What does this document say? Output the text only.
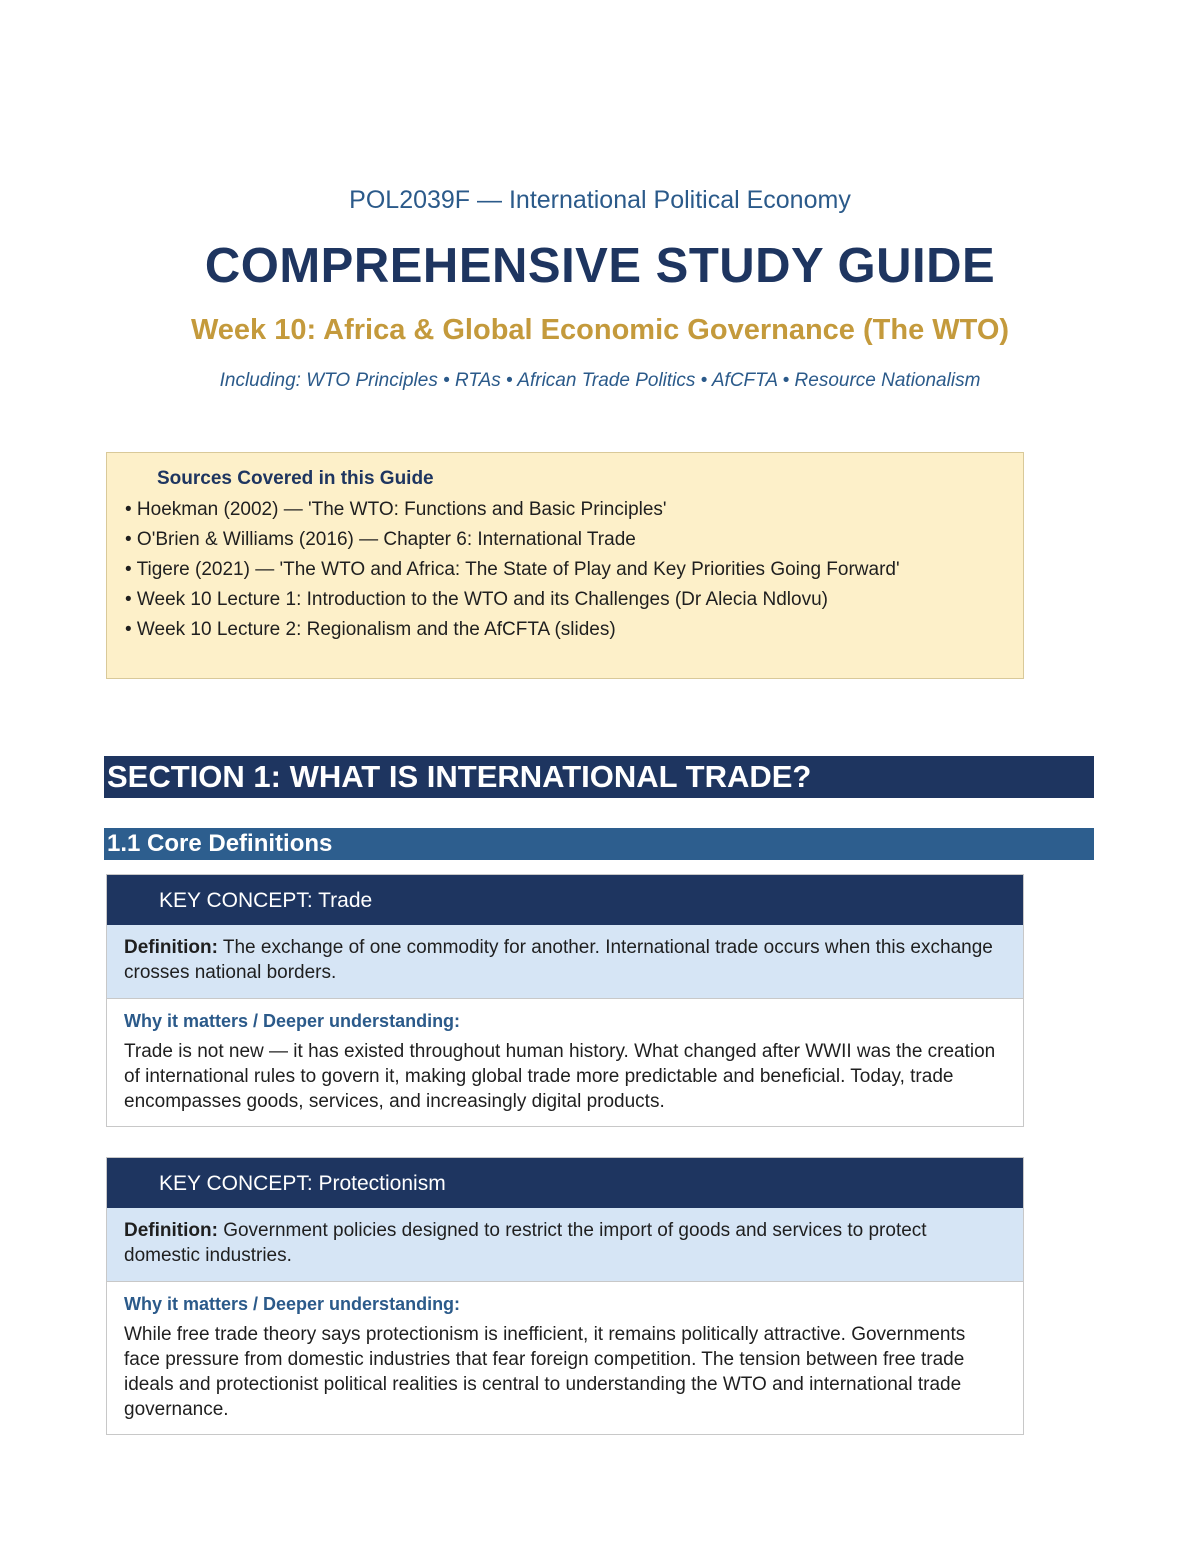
POL2039F — International Political Economy
COMPREHENSIVE STUDY GUIDE
Week 10: Africa & Global Economic Governance (The WTO)
Including: WTO Principles • RTAs • African Trade Politics • AfCFTA • Resource Nationalism
Sources Covered in this Guide
• Hoekman (2002) — 'The WTO: Functions and Basic Principles'
• O'Brien & Williams (2016) — Chapter 6: International Trade
• Tigere (2021) — 'The WTO and Africa: The State of Play and Key Priorities Going Forward'
• Week 10 Lecture 1: Introduction to the WTO and its Challenges (Dr Alecia Ndlovu)
• Week 10 Lecture 2: Regionalism and the AfCFTA (slides)
SECTION 1: WHAT IS INTERNATIONAL TRADE?
1.1 Core Definitions
KEY CONCEPT: Trade
Definition: The exchange of one commodity for another. International trade occurs when this exchange crosses national borders.
Why it matters / Deeper understanding:
Trade is not new — it has existed throughout human history. What changed after WWII was the creation of international rules to govern it, making global trade more predictable and beneficial. Today, trade encompasses goods, services, and increasingly digital products.
KEY CONCEPT: Protectionism
Definition: Government policies designed to restrict the import of goods and services to protect domestic industries.
Why it matters / Deeper understanding:
While free trade theory says protectionism is inefficient, it remains politically attractive. Governments face pressure from domestic industries that fear foreign competition. The tension between free trade ideals and protectionist political realities is central to understanding the WTO and international trade governance.
